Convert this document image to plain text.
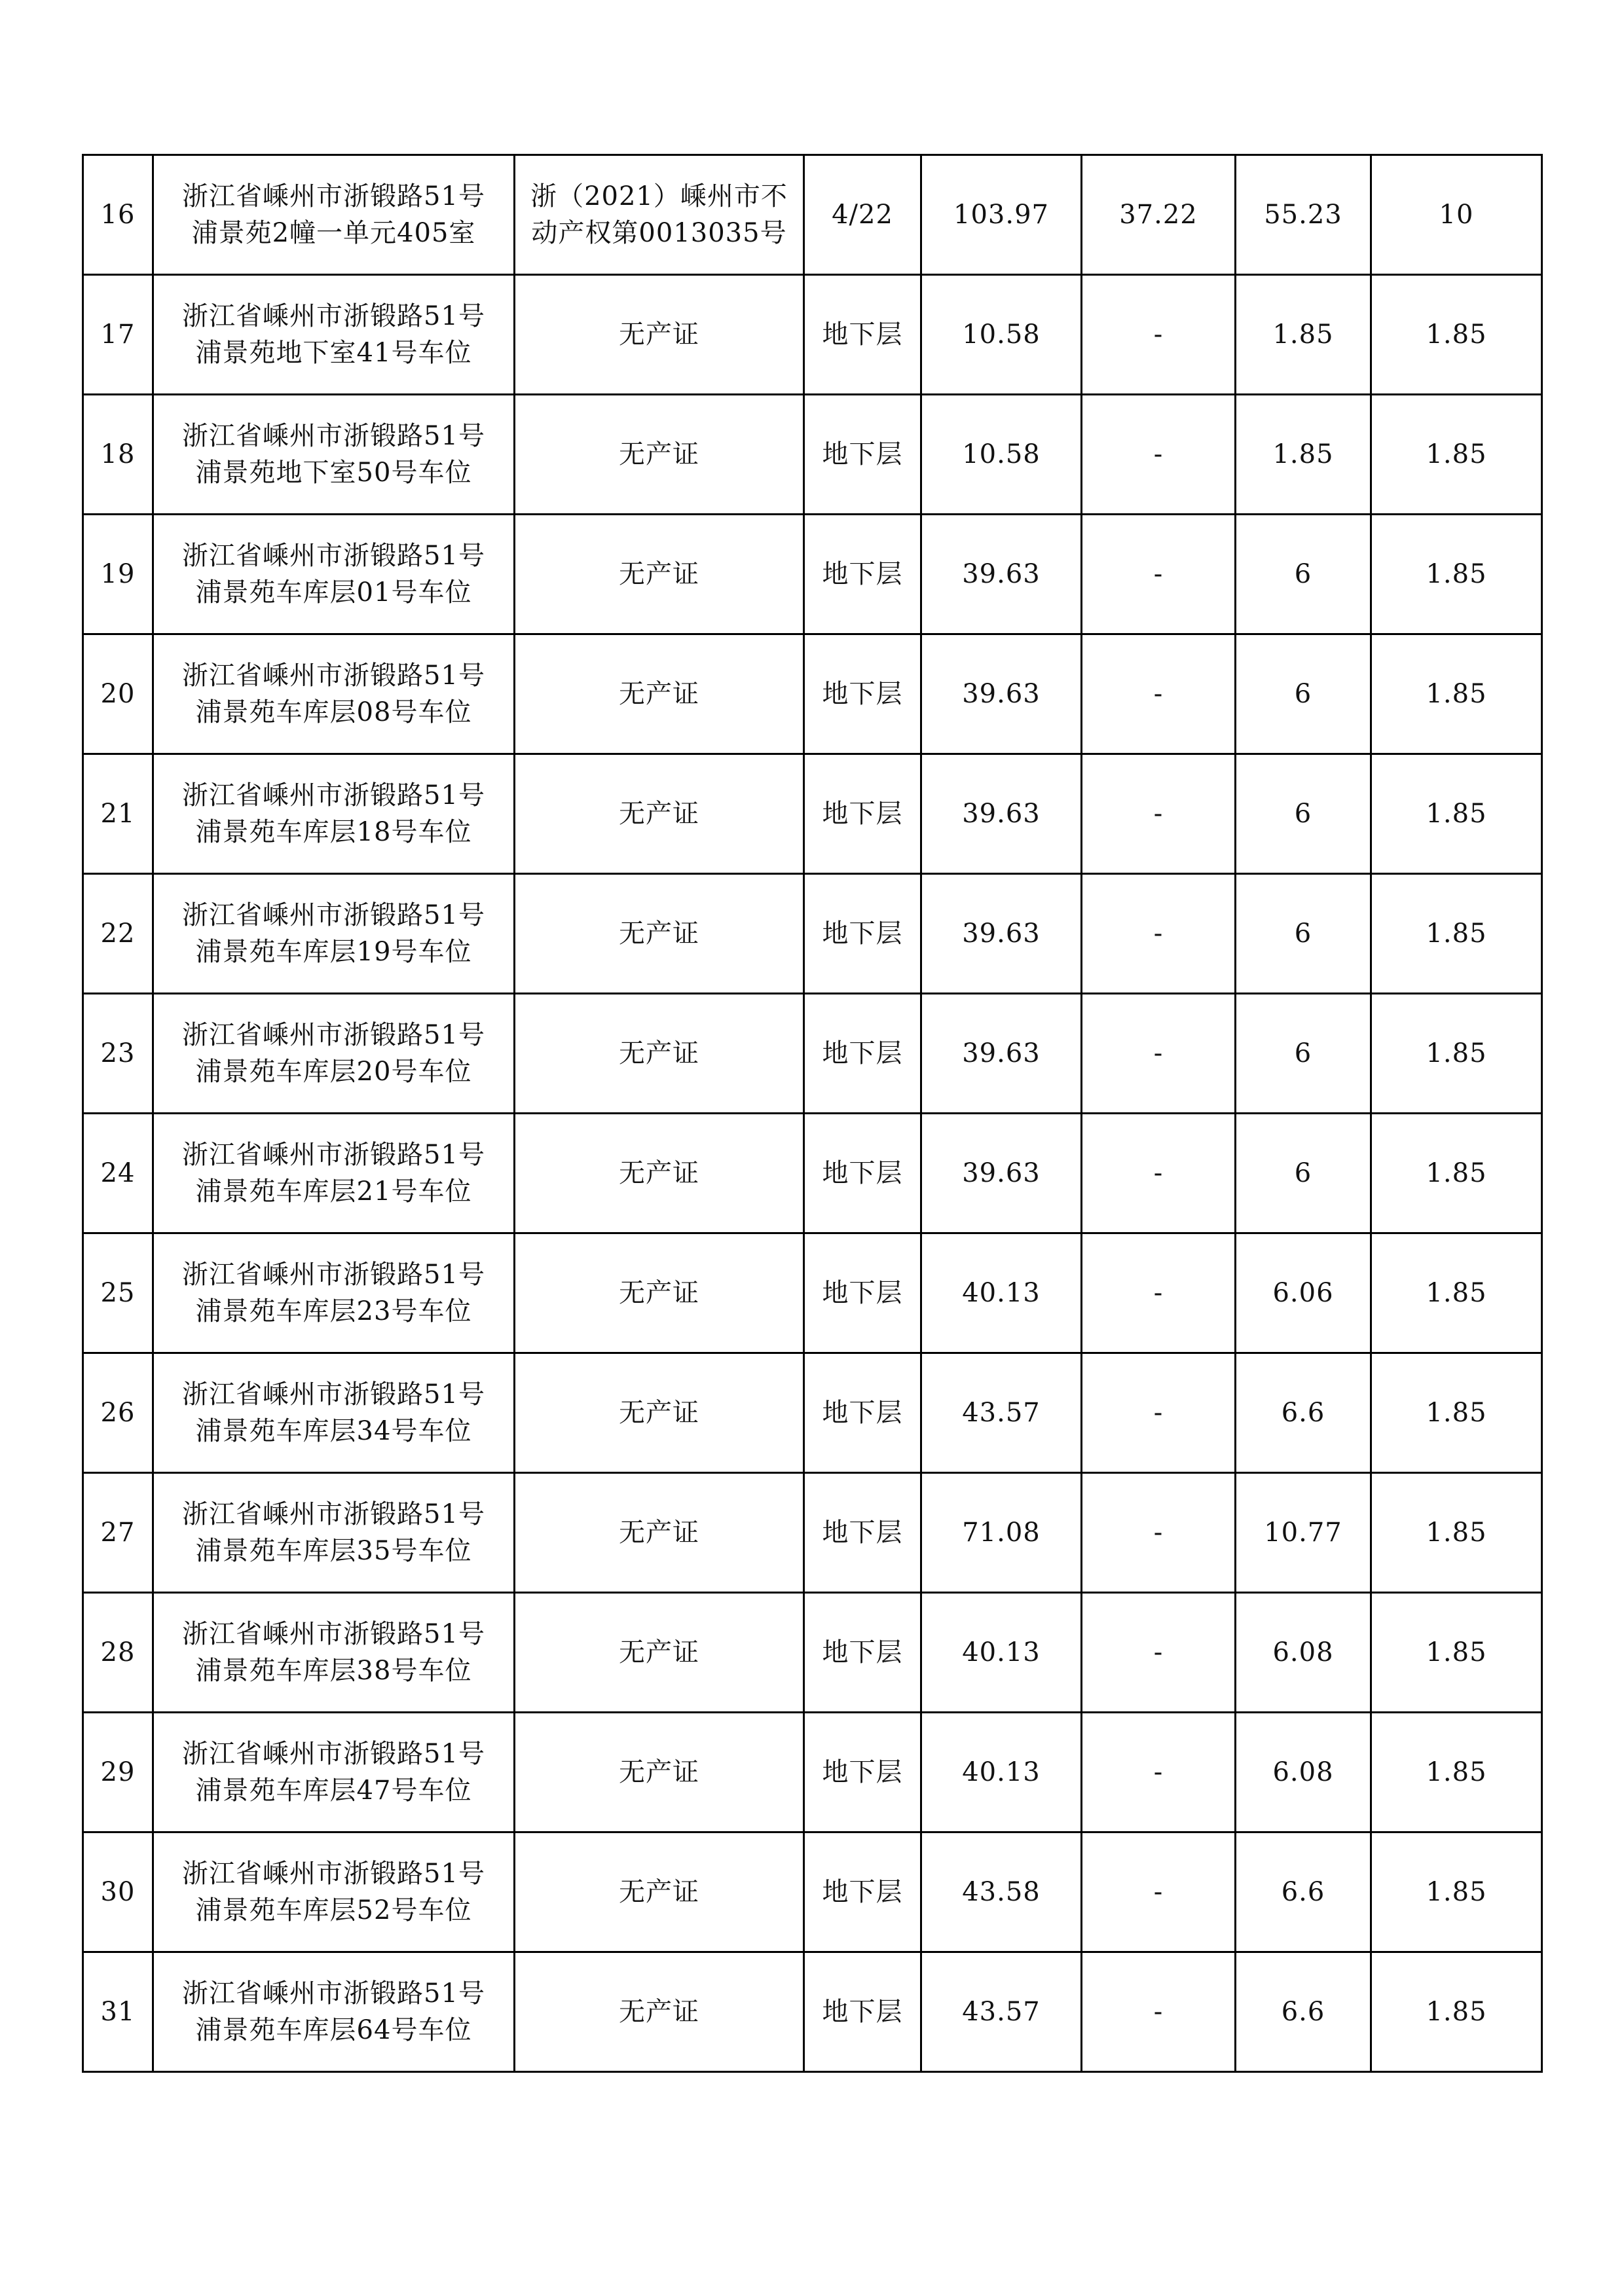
16	浙江省嵊州市浙锻路51号
浦景苑2幢一单元405室	浙（2021）嵊州市不
动产权第0013035号	4/22	103.97	37.22	55.23	10
17	浙江省嵊州市浙锻路51号
浦景苑地下室41号车位	无产证	地下层	10.58	-	1.85	1.85
18	浙江省嵊州市浙锻路51号
浦景苑地下室50号车位	无产证	地下层	10.58	-	1.85	1.85
19	浙江省嵊州市浙锻路51号
浦景苑车库层01号车位	无产证	地下层	39.63	-	6	1.85
20	浙江省嵊州市浙锻路51号
浦景苑车库层08号车位	无产证	地下层	39.63	-	6	1.85
21	浙江省嵊州市浙锻路51号
浦景苑车库层18号车位	无产证	地下层	39.63	-	6	1.85
22	浙江省嵊州市浙锻路51号
浦景苑车库层19号车位	无产证	地下层	39.63	-	6	1.85
23	浙江省嵊州市浙锻路51号
浦景苑车库层20号车位	无产证	地下层	39.63	-	6	1.85
24	浙江省嵊州市浙锻路51号
浦景苑车库层21号车位	无产证	地下层	39.63	-	6	1.85
25	浙江省嵊州市浙锻路51号
浦景苑车库层23号车位	无产证	地下层	40.13	-	6.06	1.85
26	浙江省嵊州市浙锻路51号
浦景苑车库层34号车位	无产证	地下层	43.57	-	6.6	1.85
27	浙江省嵊州市浙锻路51号
浦景苑车库层35号车位	无产证	地下层	71.08	-	10.77	1.85
28	浙江省嵊州市浙锻路51号
浦景苑车库层38号车位	无产证	地下层	40.13	-	6.08	1.85
29	浙江省嵊州市浙锻路51号
浦景苑车库层47号车位	无产证	地下层	40.13	-	6.08	1.85
30	浙江省嵊州市浙锻路51号
浦景苑车库层52号车位	无产证	地下层	43.58	-	6.6	1.85
31	浙江省嵊州市浙锻路51号
浦景苑车库层64号车位	无产证	地下层	43.57	-	6.6	1.85
